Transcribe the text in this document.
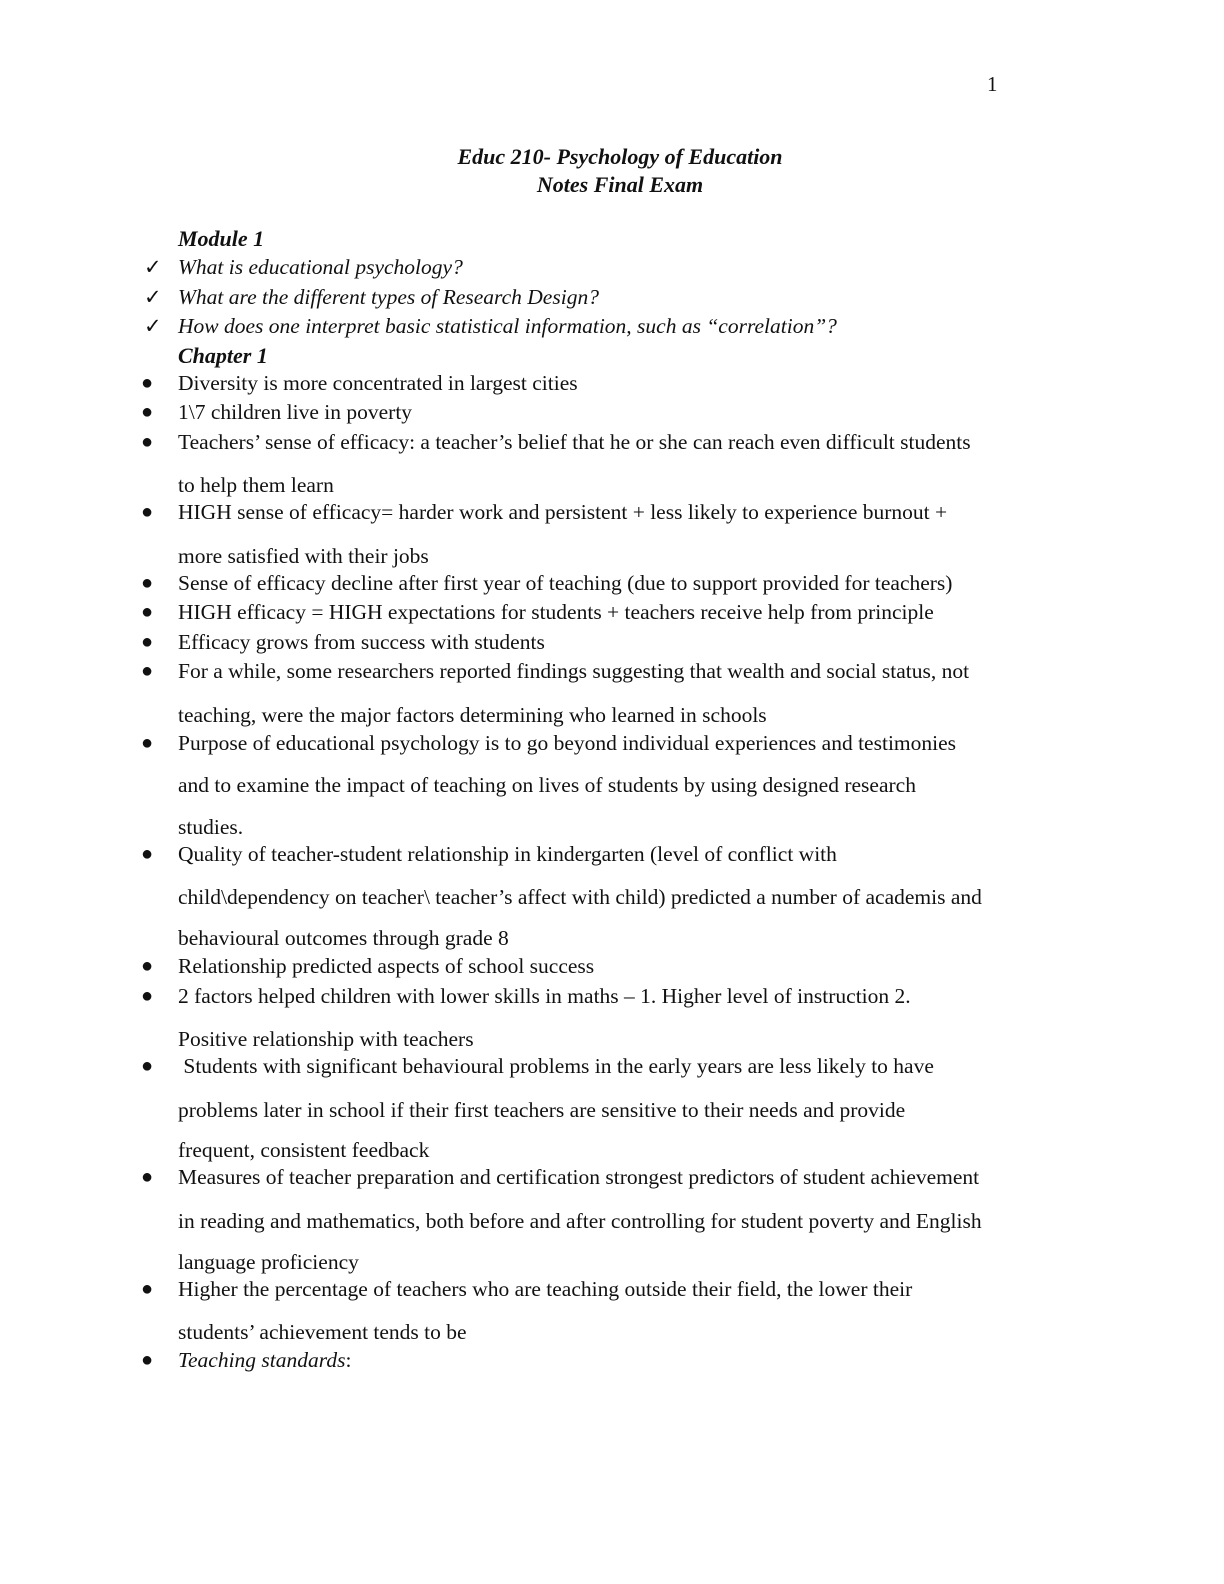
1
Educ 210- Psychology of Education
Notes Final Exam
Module 1
✓ What is educational psychology?
✓ What are the different types of Research Design?
✓ How does one interpret basic statistical information, such as “correlation”?
Chapter 1
● Diversity is more concentrated in largest cities
● 1\7 children live in poverty
● Teachers’ sense of efficacy: a teacher’s belief that he or she can reach even difficult students
to help them learn
● HIGH sense of efficacy= harder work and persistent + less likely to experience burnout +
more satisfied with their jobs
● Sense of efficacy decline after first year of teaching (due to support provided for teachers)
● HIGH efficacy = HIGH expectations for students + teachers receive help from principle
● Efficacy grows from success with students
● For a while, some researchers reported findings suggesting that wealth and social status, not
teaching, were the major factors determining who learned in schools
● Purpose of educational psychology is to go beyond individual experiences and testimonies
and to examine the impact of teaching on lives of students by using designed research
studies.
● Quality of teacher-student relationship in kindergarten (level of conflict with
child\dependency on teacher\ teacher’s affect with child) predicted a number of academis and
behavioural outcomes through grade 8
● Relationship predicted aspects of school success
● 2 factors helped children with lower skills in maths – 1. Higher level of instruction 2.
Positive relationship with teachers
● Students with significant behavioural problems in the early years are less likely to have
problems later in school if their first teachers are sensitive to their needs and provide
frequent, consistent feedback
● Measures of teacher preparation and certification strongest predictors of student achievement
in reading and mathematics, both before and after controlling for student poverty and English
language proficiency
● Higher the percentage of teachers who are teaching outside their field, the lower their
students’ achievement tends to be
● Teaching standards:
